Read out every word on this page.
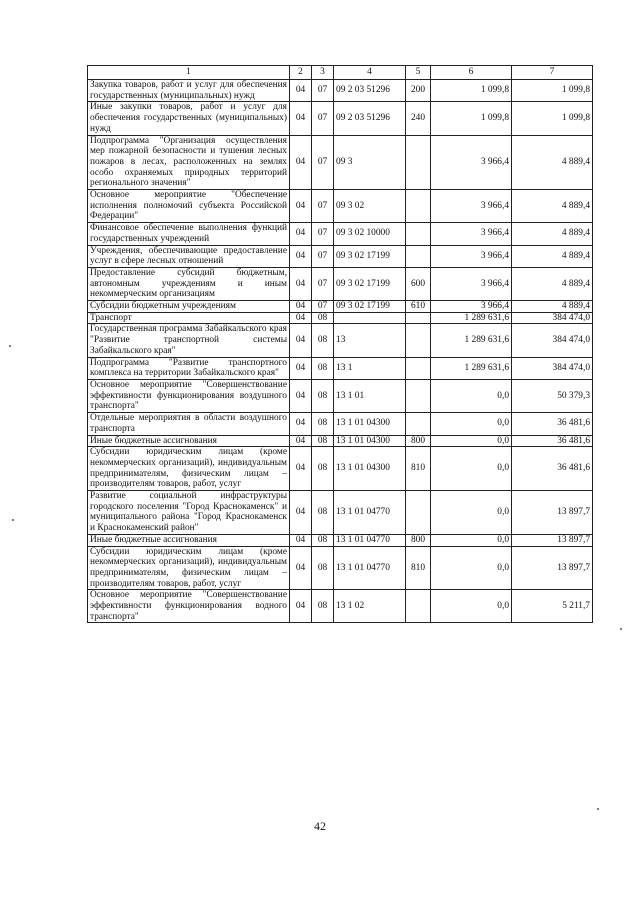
1	2	3	4	5	6	7
Закупка товаров, работ и услуг для обеспечения государственных (муниципальных) нужд	04	07	09 2 03 51296	200	1 099,8	1 099,8
Иные закупки товаров, работ и услуг для обеспечения государственных (муниципальных) нужд	04	07	09 2 03 51296	240	1 099,8	1 099,8
Подпрограмма "Организация осуществления мер пожарной безопасности и тушения лесных пожаров в лесах, расположенных на землях особо охраняемых природных территорий регионального значения"	04	07	09 3		3 966,4	4 889,4
Основное мероприятие "Обеспечение исполнения полномочий субъекта Российской Федерации"	04	07	09 3 02		3 966,4	4 889,4
Финансовое обеспечение выполнения функций государственных учреждений	04	07	09 3 02 10000		3 966,4	4 889,4
Учреждения, обеспечивающие предоставление услуг в сфере лесных отношений	04	07	09 3 02 17199		3 966,4	4 889,4
Предоставление субсидий бюджетным, автономным учреждениям и иным некоммерческим организациям	04	07	09 3 02 17199	600	3 966,4	4 889,4
Субсидии бюджетным учреждениям	04	07	09 3 02 17199	610	3 966,4	4 889,4
Транспорт	04	08			1 289 631,6	384 474,0
Государственная программа Забайкальского края "Развитие транспортной системы Забайкальского края"	04	08	13		1 289 631,6	384 474,0
Подпрограмма "Развитие транспортного комплекса на территории Забайкальского края"	04	08	13 1		1 289 631,6	384 474,0
Основное мероприятие "Совершенствование эффективности функционирования воздушного транспорта"	04	08	13 1 01		0,0	50 379,3
Отдельные мероприятия в области воздушного транспорта	04	08	13 1 01 04300		0,0	36 481,6
Иные бюджетные ассигнования	04	08	13 1 01 04300	800	0,0	36 481,6
Субсидии юридическим лицам (кроме некоммерческих организаций), индивидуальным предпринимателям, физическим лицам – производителям товаров, работ, услуг	04	08	13 1 01 04300	810	0,0	36 481,6
Развитие социальной инфраструктуры городского поселения "Город Краснокаменск" и муниципального района "Город Краснокаменск и Краснокаменский район"	04	08	13 1 01 04770		0,0	13 897,7
Иные бюджетные ассигнования	04	08	13 1 01 04770	800	0,0	13 897,7
Субсидии юридическим лицам (кроме некоммерческих организаций), индивидуальным предпринимателям, физическим лицам – производителям товаров, работ, услуг	04	08	13 1 01 04770	810	0,0	13 897,7
Основное мероприятие "Совершенствование эффективности функционирования водного транспорта"	04	08	13 1 02		0,0	5 211,7
42
